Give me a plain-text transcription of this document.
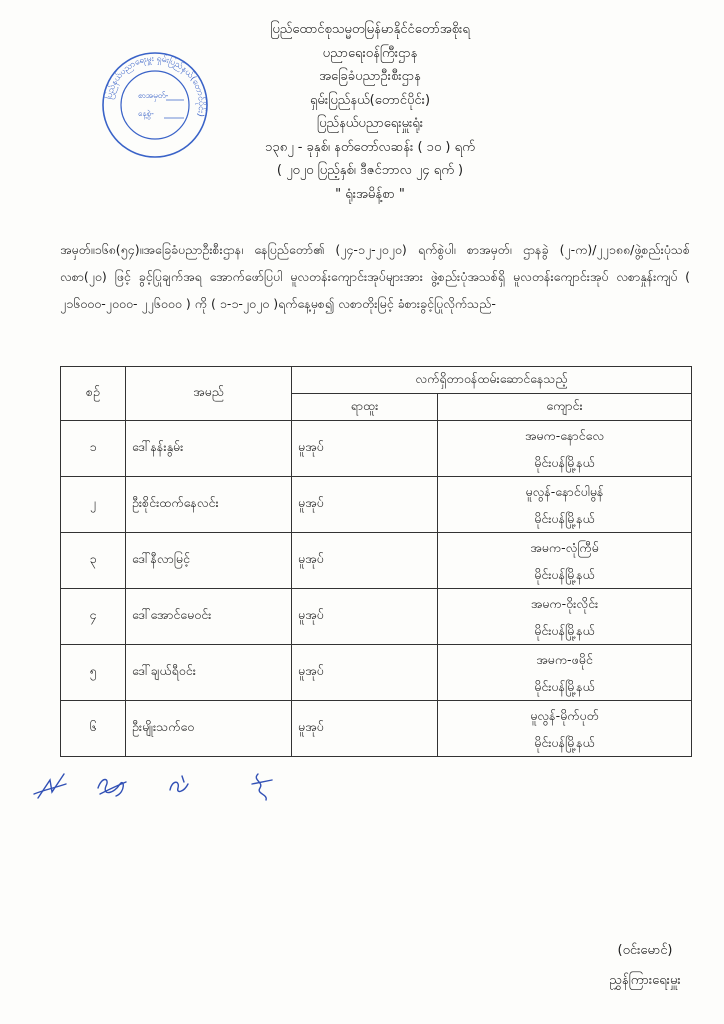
ပြည်ထောင်စုသမ္မတမြန်မာနိုင်ငံတော်အစိုးရ
ပညာရေးဝန်ကြီးဌာန
အခြေခံပညာဦးစီးဌာန
ရှမ်းပြည်နယ်(တောင်ပိုင်း)
ပြည်နယ်ပညာရေးမှူးရုံး
၁၃၈၂ - ခုနှစ်၊ နတ်တော်လဆန်း ( ၁၀ ) ရက်
( ၂၀၂၀ ပြည့်နှစ်၊ ဒီဇင်ဘာလ ၂၄ ရက် )
" ရုံးအမိန့်စာ "
ပြည်နယ်ပညာရေးမှူး ရှမ်းပြည်နယ်(တောင်ပိုင်း)
စာအမှတ်-
နေ့စွဲ-
အမှတ်။၁၆၈(၅၄)။အခြေခံပညာဦးစီးဌာန၊ နေပြည်တော်၏ (၂၄-၁၂-၂၀၂၀) ရက်စွဲပါ၊ စာအမှတ်၊ ဌာနခွဲ (၂-က)/၂၂၁၈၈/ဖွဲ့စည်းပုံသစ်လစာ(၂၀) ဖြင့် ခွင့်ပြုချက်အရ အောက်ဖော်ပြပါ မူလတန်းကျောင်းအုပ်များအား ဖွဲ့စည်းပုံအသစ်ရှိ မူလတန်းကျောင်းအုပ် လစာနှုန်းကျပ် ( ၂၁၆၀၀၀-၂၀၀၀- ၂၂၆၀၀၀ ) ကို ( ၁-၁-၂၀၂၀ )ရက်နေ့မှစ၍ လစာတိုးမြင့် ခံစားခွင့်ပြုလိုက်သည်-
စဉ်	အမည်	လက်ရှိတာဝန်ထမ်းဆောင်နေသည့်	
		ရာထူး	ကျောင်း
၁	ဒေါ်နန်းနွမ်း	မူအုပ်	အမက-နောင်လေ
မိုင်းပန်မြို့နယ်

၂	ဦးစိုင်းထက်နေလင်း	မူအုပ်	မူလွန်-နောင်ပါမွန်
မိုင်းပန်မြို့နယ်

၃	ဒေါ်နီလာမြင့်	မူအုပ်	အမက-လုံကြီမ်
မိုင်းပန်မြို့နယ်

၄	ဒေါ်အောင်မေဝင်း	မူအုပ်	အမက-ဝိုးလိုင်း
မိုင်းပန်မြို့နယ်

၅	ဒေါ်ချယ်ရီဝင်း	မူအုပ်	အမက-ဖမိုင်
မိုင်းပန်မြို့နယ်

၆	ဦးမျိုးသက်ဝေ	မူအုပ်	မူလွန်-မိုက်ပုတ်
မိုင်းပန်မြို့နယ်
(ဝင်းမောင်)
ညွှန်ကြားရေးမှူး
